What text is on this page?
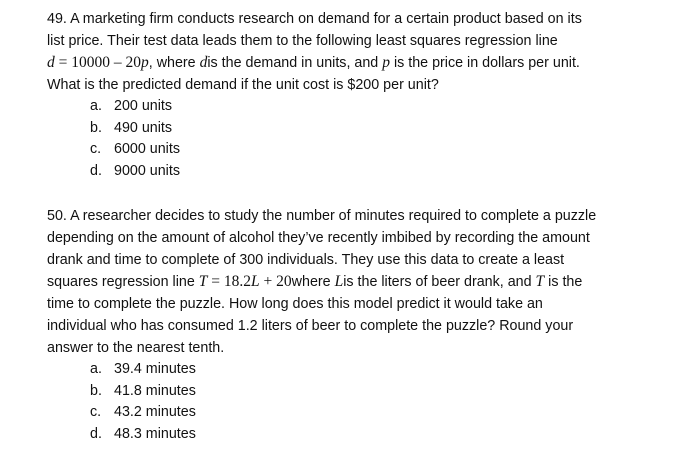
49. A marketing firm conducts research on demand for a certain product based on its
list price. Their test data leads them to the following least squares regression line
d = 10000 – 20p, where dis the demand in units, and p is the price in dollars per unit.
What is the predicted demand if the unit cost is $200 per unit?
a. 200 units
b. 490 units
c. 6000 units
d. 9000 units
50. A researcher decides to study the number of minutes required to complete a puzzle
depending on the amount of alcohol they’ve recently imbibed by recording the amount
drank and time to complete of 300 individuals. They use this data to create a least
squares regression line T = 18.2L + 20where Lis the liters of beer drank, and T is the
time to complete the puzzle. How long does this model predict it would take an
individual who has consumed 1.2 liters of beer to complete the puzzle? Round your
answer to the nearest tenth.
a. 39.4 minutes
b. 41.8 minutes
c. 43.2 minutes
d. 48.3 minutes
